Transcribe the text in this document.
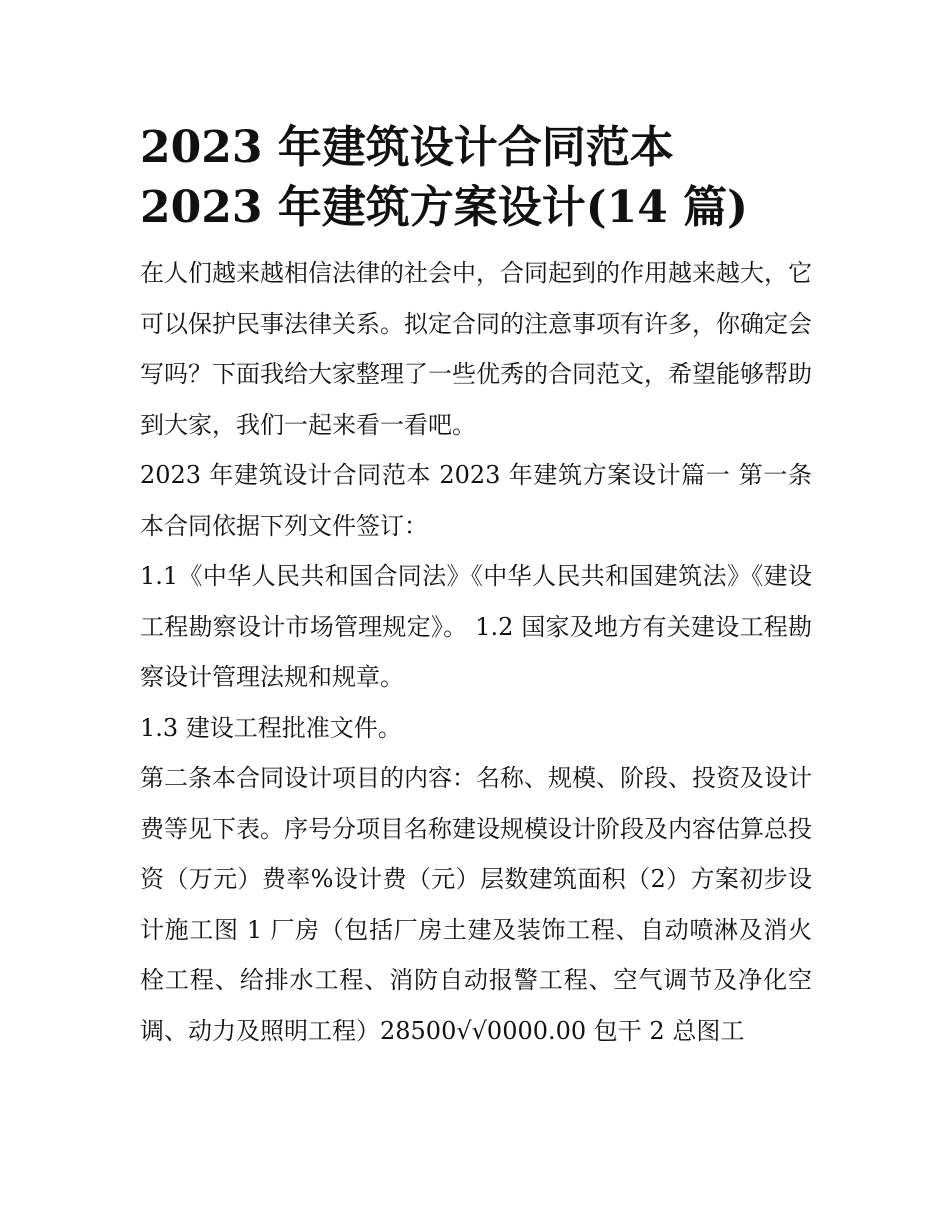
2023 年建筑设计合同范本
2023 年建筑方案设计(14 篇)

在人们越来越相信法律的社会中，合同起到的作用越来越大，它可以保护民事法律关系。拟定合同的注意事项有许多，你确定会写吗？下面我给大家整理了一些优秀的合同范文，希望能够帮助到大家，我们一起来看一看吧。

2023 年建筑设计合同范本 2023 年建筑方案设计篇一 第一条本合同依据下列文件签订：

1.1《中华人民共和国合同法》《中华人民共和国建筑法》《建设工程勘察设计市场管理规定》。 1.2 国家及地方有关建设工程勘察设计管理法规和规章。

1.3 建设工程批准文件。

第二条本合同设计项目的内容：名称、规模、阶段、投资及设计费等见下表。序号分项目名称建设规模设计阶段及内容估算总投资（万元）费率%设计费（元）层数建筑面积（2）方案初步设计施工图 1 厂房（包括厂房土建及装饰工程、自动喷淋及消火栓工程、给排水工程、消防自动报警工程、空气调节及净化空调、动力及照明工程）28500√√0000.00 包干 2 总图工
